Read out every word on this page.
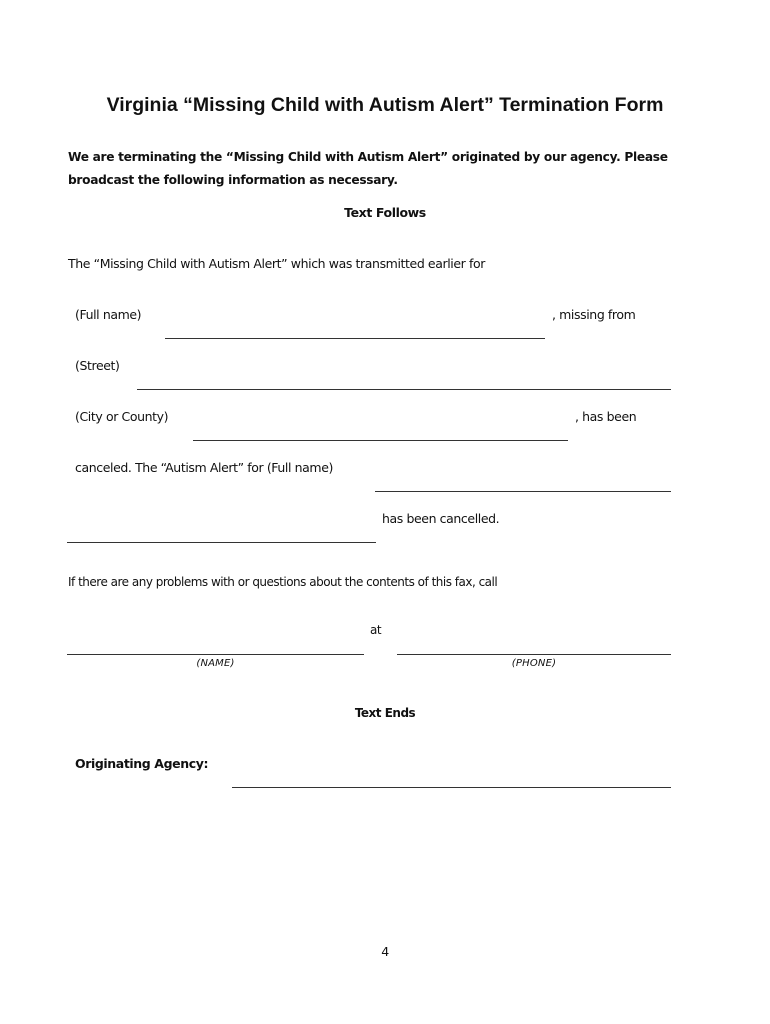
Virginia “Missing Child with Autism Alert” Termination Form
We are terminating the “Missing Child with Autism Alert” originated by our agency. Please broadcast the following information as necessary.
Text Follows
The “Missing Child with Autism Alert” which was transmitted earlier for
(Full name)	, missing from
(Street)
(City or County)	, has been
canceled. The “Autism Alert” for (Full name)
has been cancelled.
If there are any problems with or questions about the contents of this fax, call
at
(NAME)	(PHONE)
Text Ends
Originating Agency:
4
